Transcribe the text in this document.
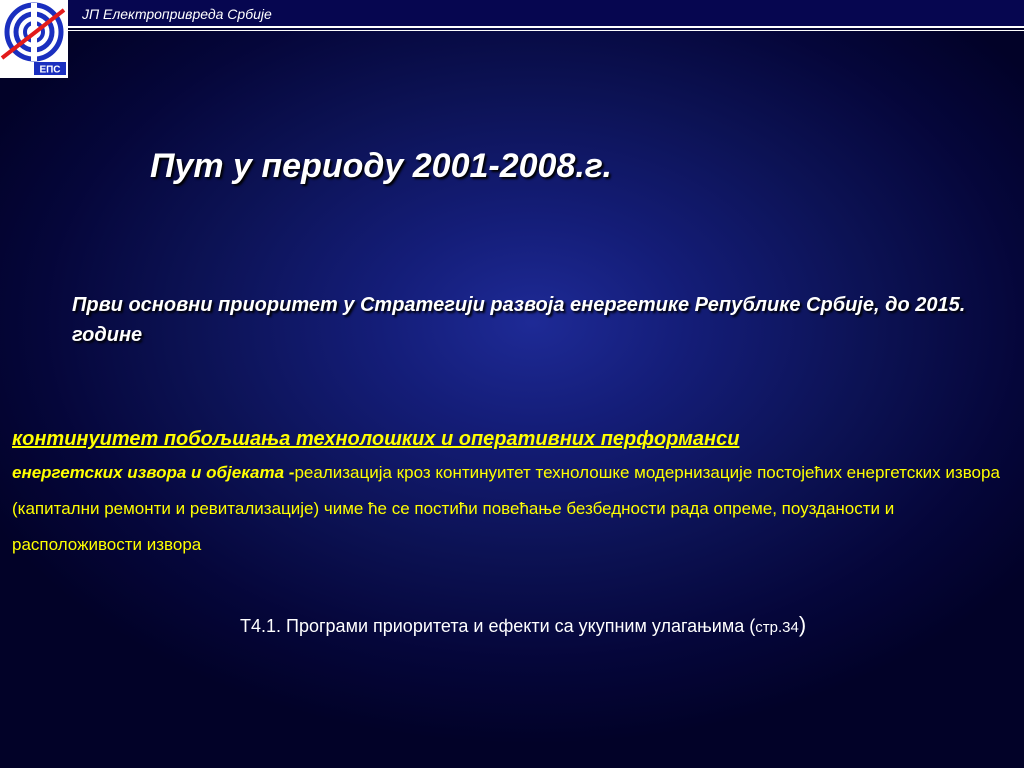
ЕПС
ЈП Електропривреда Србије
Пут у периоду 2001-2008.г.
Први основни приоритет у Стратегији развоја енергетике Републике Србије, до 2015. године
континуитет побољшања технолошких и оперативних перформанси
енергетских извора и објеката -реализација кроз континуитет технолошке модернизације постојећих енергетских извора (капитални ремонти и ревитализације) чиме ће се постићи повећање безбедности рада опреме, поузданости и расположивости извора
Т4.1. Програми приоритета и ефекти са укупним улагањима (стр.34)
